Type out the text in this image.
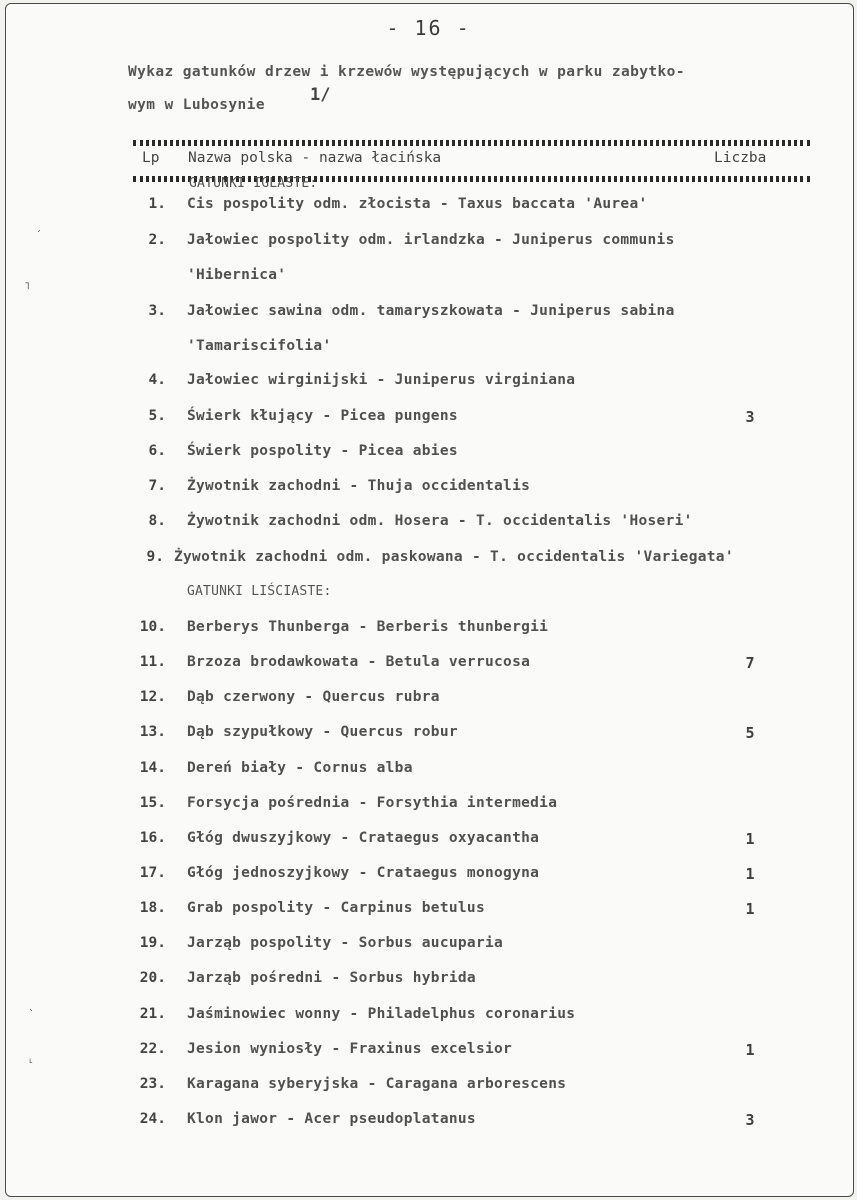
- 16 -
Wykaz gatunków drzew i krzewów występujących w parku zabytko-
wym w Lubosynie	1/
Lp Nazwa polska - nazwa łacińska	Liczba
GATUNKI IGLASTE:
GATUNKI LIŚCIASTE:
1. Cis pospolity odm. złocista - Taxus baccata 'Aurea'
2. Jałowiec pospolity odm. irlandzka - Juniperus communis
'Hibernica'
3. Jałowiec sawina odm. tamaryszkowata - Juniperus sabina
'Tamariscifolia'
4. Jałowiec wirginijski - Juniperus virginiana
5. Świerk kłujący - Picea pungens	3
6. Świerk pospolity - Picea abies
7. Żywotnik zachodni - Thuja occidentalis
8. Żywotnik zachodni odm. Hosera - T. occidentalis 'Hoseri'
9. Żywotnik zachodni odm. paskowana - T. occidentalis 'Variegata'
10. Berberys Thunberga - Berberis thunbergii
11. Brzoza brodawkowata - Betula verrucosa	7
12. Dąb czerwony - Quercus rubra
13. Dąb szypułkowy - Quercus robur	5
14. Dereń biały - Cornus alba
15. Forsycja pośrednia - Forsythia intermedia
16. Głóg dwuszyjkowy - Crataegus oxyacantha	1
17. Głóg jednoszyjkowy - Crataegus monogyna	1
18. Grab pospolity - Carpinus betulus	1
19. Jarząb pospolity - Sorbus aucuparia
20. Jarząb pośredni - Sorbus hybrida
21. Jaśminowiec wonny - Philadelphus coronarius
22. Jesion wyniosły - Fraxinus excelsior	1
23. Karagana syberyjska - Caragana arborescens
24. Klon jawor - Acer pseudoplatanus	3
ˏ
˥
ˎ
˪
